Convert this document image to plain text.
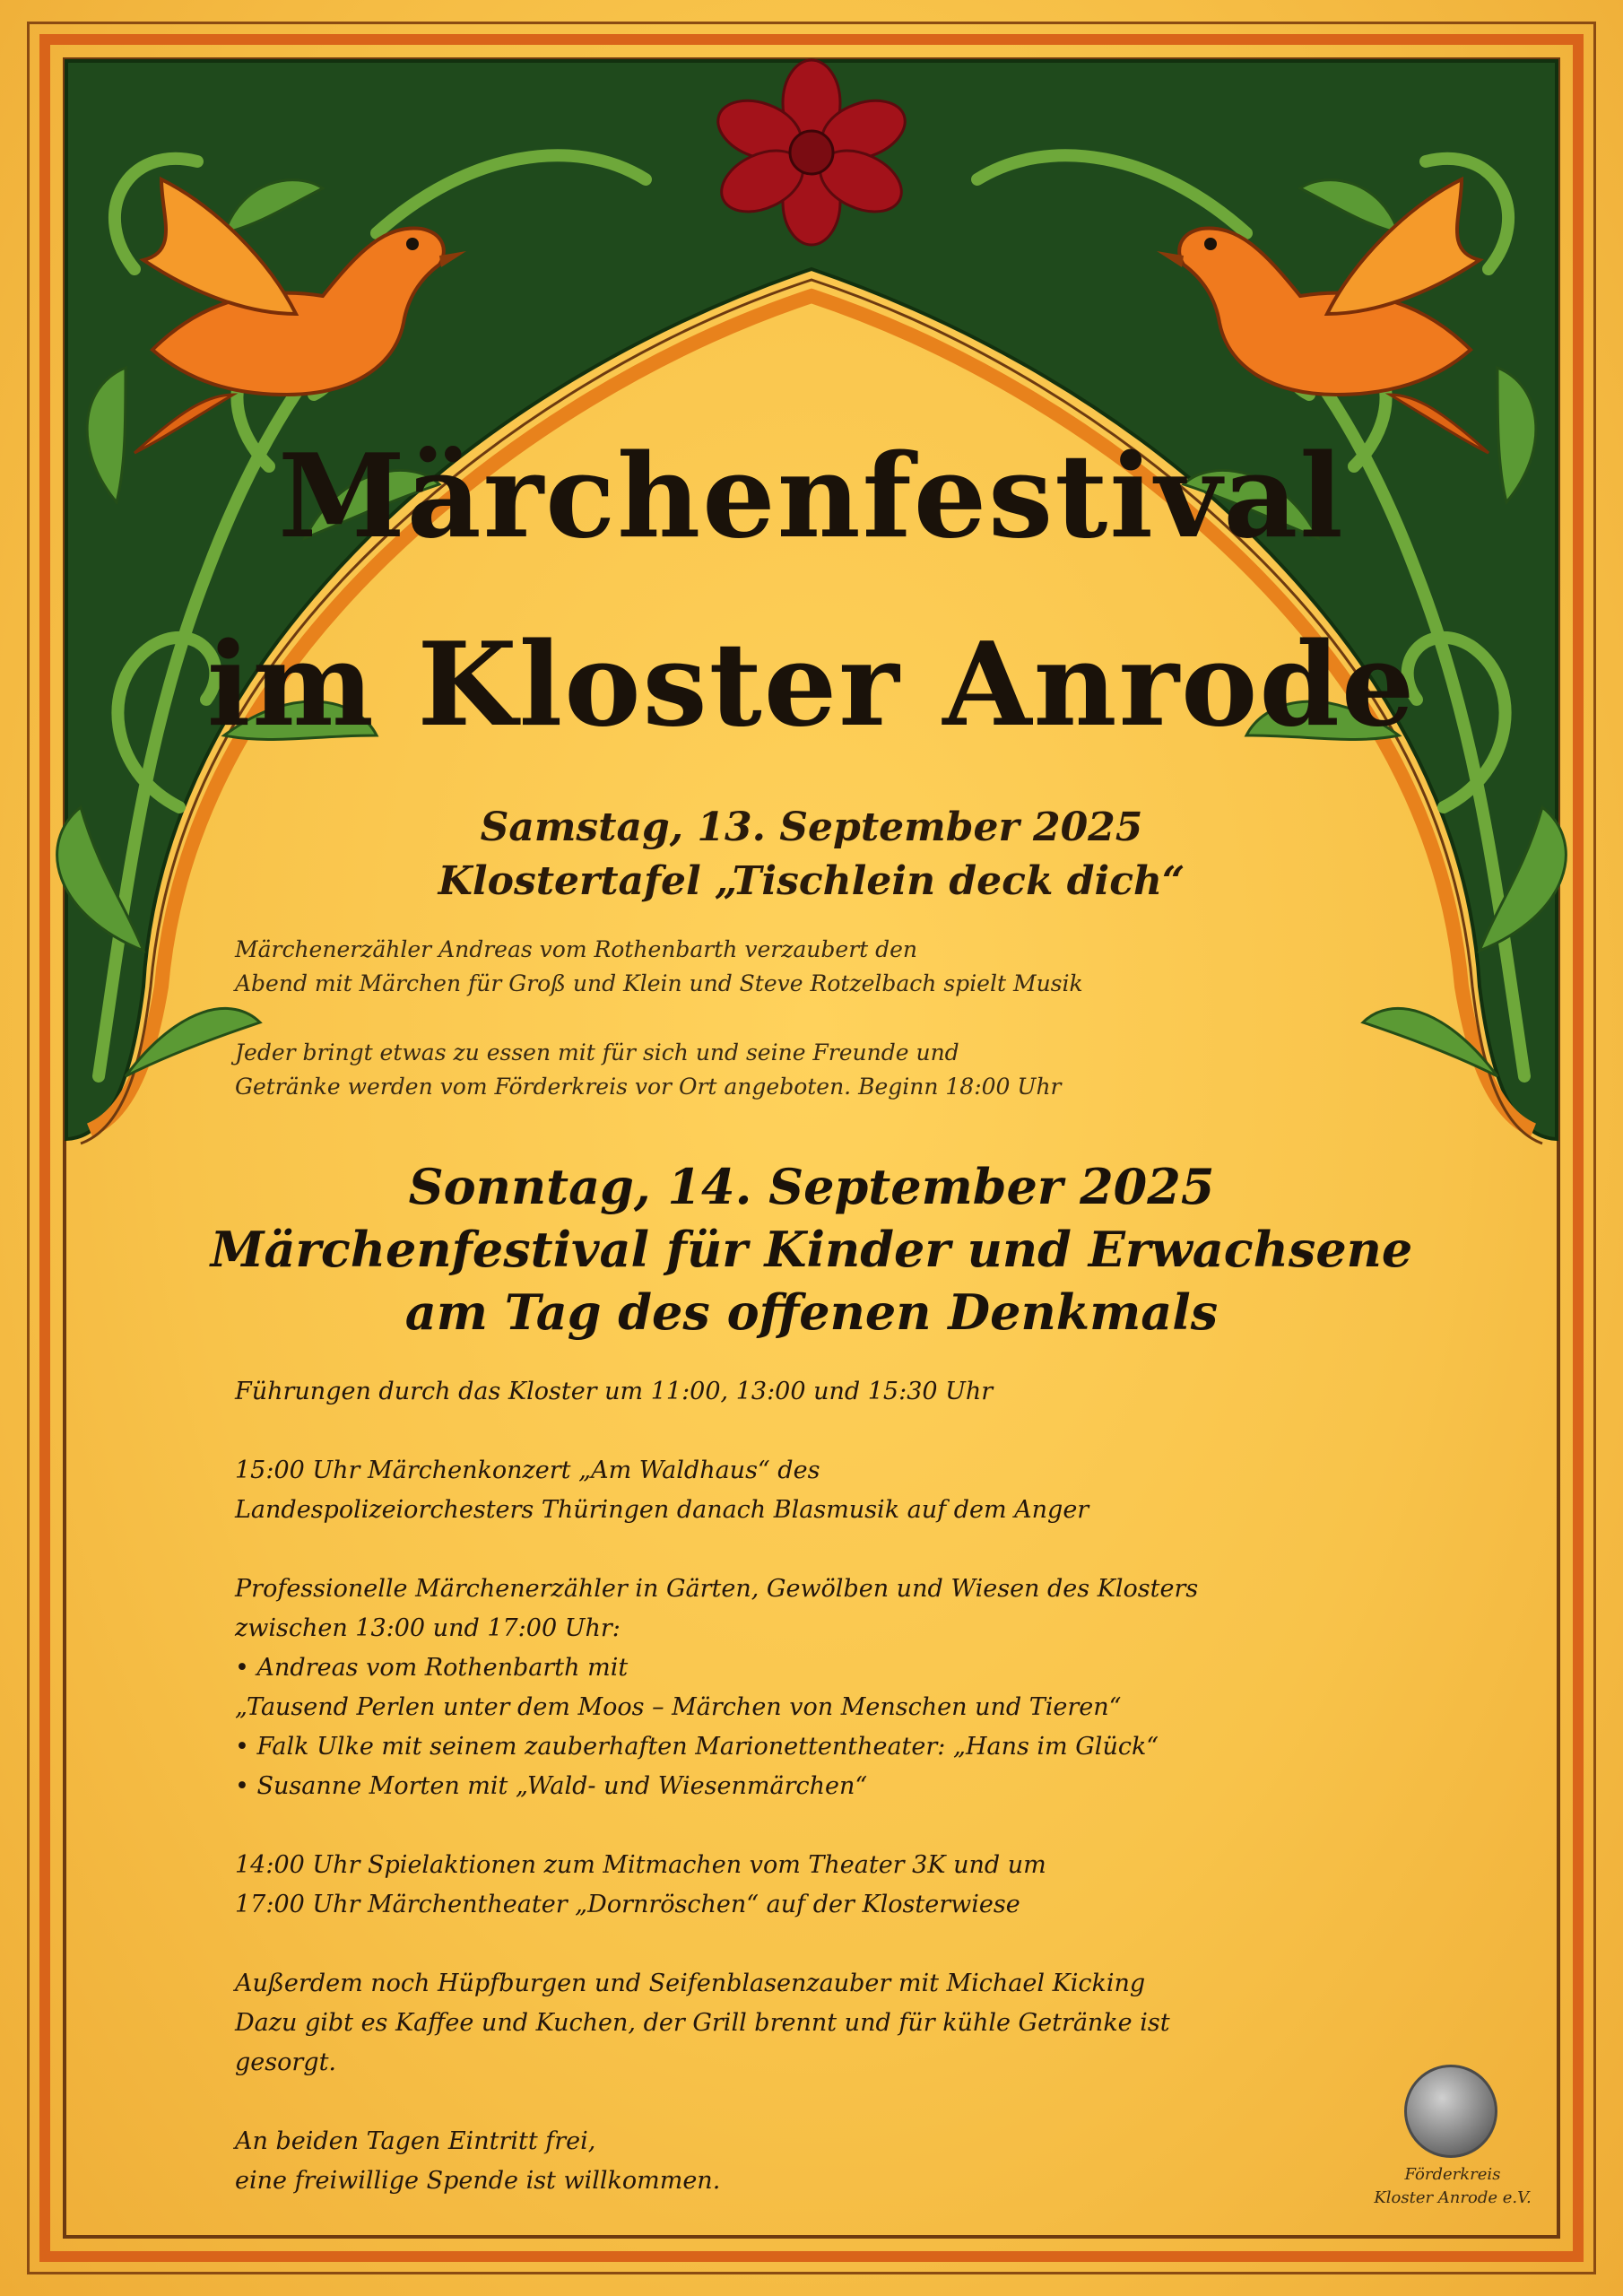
Märchenfestival
im Kloster Anrode
Samstag, 13. September 2025
Klostertafel „Tischlein deck dich“
Märchenerzähler Andreas vom Rothenbarth verzaubert den
Abend mit Märchen für Groß und Klein und Steve Rotzelbach spielt Musik
Jeder bringt etwas zu essen mit für sich und seine Freunde und
Getränke werden vom Förderkreis vor Ort angeboten. Beginn 18:00 Uhr
Sonntag, 14. September 2025
Märchenfestival für Kinder und Erwachsene
am Tag des offenen Denkmals
Führungen durch das Kloster um 11:00, 13:00 und 15:30 Uhr

15:00 Uhr Märchenkonzert „Am Waldhaus“ des
Landespolizeiorchesters Thüringen danach Blasmusik auf dem Anger

Professionelle Märchenerzähler in Gärten, Gewölben und Wiesen des Klosters
zwischen 13:00 und 17:00 Uhr:
• Andreas vom Rothenbarth mit
„Tausend Perlen unter dem Moos – Märchen von Menschen und Tieren“
• Falk Ulke mit seinem zauberhaften Marionettentheater: „Hans im Glück“
• Susanne Morten mit „Wald- und Wiesenmärchen“

14:00 Uhr Spielaktionen zum Mitmachen vom Theater 3K und um
17:00 Uhr Märchentheater „Dornröschen“ auf der Klosterwiese

Außerdem noch Hüpfburgen und Seifenblasenzauber mit Michael Kicking
Dazu gibt es Kaffee und Kuchen, der Grill brennt und für kühle Getränke ist
gesorgt.

An beiden Tagen Eintritt frei,
eine freiwillige Spende ist willkommen.	Förderkreis
Kloster Anrode e.V.
